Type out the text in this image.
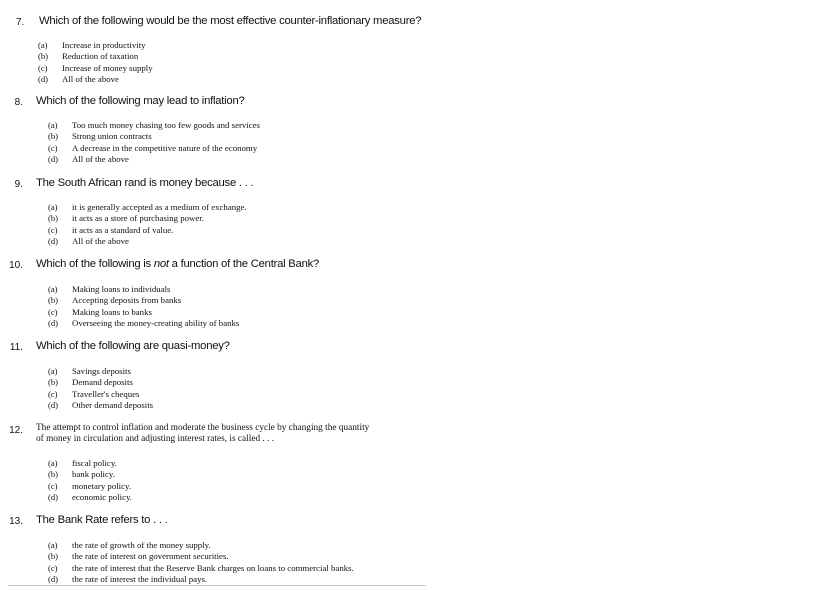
7.	Which of the following would be the most effective counter-inflationary measure?
(a)	Increase in productivity
(b)	Reduction of taxation
(c)	Increase of money supply
(d)	All of the above
8.	Which of the following may lead to inflation?
(a)	Too much money chasing too few goods and services
(b)	Strong union contracts
(c)	A decrease in the competitive nature of the economy
(d)	All of the above
9.	The South African rand is money because . . .
(a)	it is generally accepted as a medium of exchange.
(b)	it acts as a store of purchasing power.
(c)	it acts as a standard of value.
(d)	All of the above
10.	Which of the following is not a function of the Central Bank?
(a)	Making loans to individuals
(b)	Accepting deposits from banks
(c)	Making loans to banks
(d)	Overseeing the money-creating ability of banks
11.	Which of the following are quasi-money?
(a)	Savings deposits
(b)	Demand deposits
(c)	Traveller's cheques
(d)	Other demand deposits
12.	The attempt to control inflation and moderate the business cycle by changing the quantity of money in circulation and adjusting interest rates, is called . . .
(a)	fiscal policy.
(b)	bank policy.
(c)	monetary policy.
(d)	economic policy.
13.	The Bank Rate refers to . . .
(a)	the rate of growth of the money supply.
(b)	the rate of interest on government securities.
(c)	the rate of interest that the Reserve Bank charges on loans to commercial banks.
(d)	the rate of interest the individual pays.
